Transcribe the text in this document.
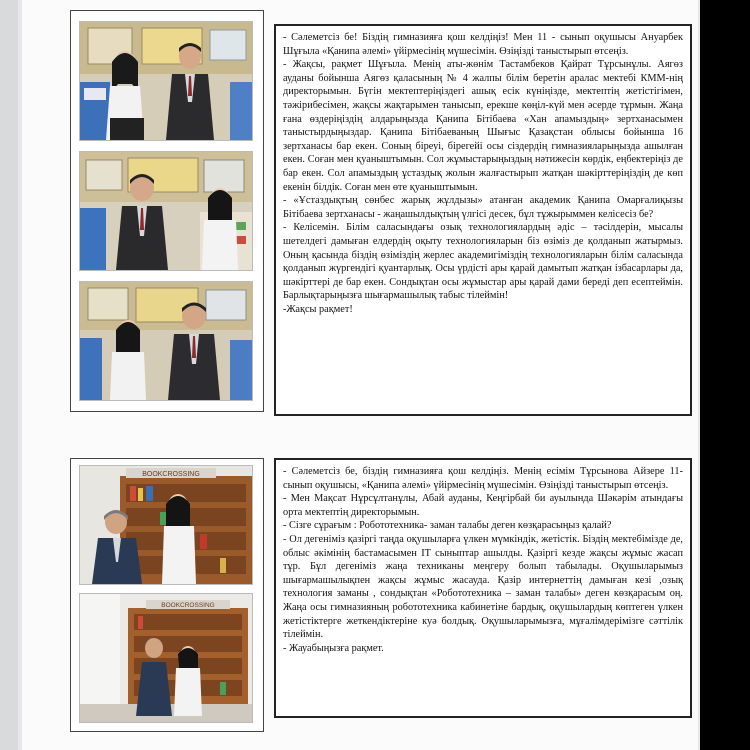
- Сәлеметсіз бе! Біздің гимназияға қош келдіңіз! Мен 11 - сынып оқушысы Ануарбек Шұғыла «Қанипа әлемі» үйірмесінің мүшесімін. Өзіңізді таныстырып өтсеңіз.

- Жақсы, рақмет Шұғыла. Менің аты-жөнім Тастамбеков Қайрат Тұрсынұлы. Аягөз ауданы бойынша Аягөз қаласының № 4 жалпы білім беретін аралас мектебі КММ-нің директорымын. Бүгін мектептеріңіздегі ашық есік күніңізде, мектептің жетістігімен, тәжірибесімен, жақсы жақтарымен танысып, ерекше көңіл-күй мен әсерде тұрмын. Жаңа ғана өздеріңіздің алдарыңызда Қанипа Бітібаева «Хан апамыздың» зертханасымен таныстырдыңыздар. Қанипа Бітібаеваның Шығыс Қазақстан облысы бойынша 16 зертханасы бар екен. Соның біреуі, бірегейі осы сіздердің гимназияларыңызда ашылған екен. Соған мен қуаныштымын. Сол жұмыстарыңыздың нәтижесін көрдік, еңбектеріңіз де бар екен. Сол апамыздың ұстаздық жолын жалғастырып жатқан шәкірттеріңіздің де көп екенін білдік. Соған мен өте қуаныштымын.

- «Ұстаздықтың сөнбес жарық жұлдызы» атанған академик Қанипа Омарғалиқызы Бітібаева зертханасы - жаңашылдықтың үлгісі десек, бұл тұжырыммен келісесіз бе?

- Келісемін. Білім саласындағы озық технологиялардың әдіс – тәсілдерін, мысалы шетелдегі дамыған елдердің оқыту технологияларын біз өзіміз де қолданып жатырмыз. Оның қасында біздің өзіміздің жерлес академигіміздің технологияларын білім саласында қолданып жүргендігі қуантарлық. Осы үрдісті ары қарай дамытып жатқан ізбасарлары да, шәкірттері де бар екен. Сондықтан осы жұмыстар ары қарай дами береді деп есептеймін. Барлықтарыңызға шығармашылық табыс тілеймін!

-Жақсы рақмет!

BOOKCROSSING
BOOKCROSSING

- Сәлеметсіз бе, біздің гимназияға қош келдіңіз. Менің есімім Тұрсынова Айзере 11-сынып оқушысы, «Қанипа әлемі» үйірмесінің мүшесімін. Өзіңізді таныстырып өтсеңіз.

- Мен Мақсат Нұрсұлтанұлы, Абай ауданы, Кеңгірбай би ауылында Шәкәрім атындағы орта мектептің директорымын.

- Сізге сұрағым : Робототехника- заман талабы деген көзқарасыңыз қалай?

- Ол дегеніміз қазіргі таңда оқушыларға үлкен мүмкіндік, жетістік. Біздің мектебімізде де, облыс әкімінің бастамасымен IT сыныптар ашылды. Қазіргі кезде жақсы жұмыс жасап тұр. Бұл дегеніміз жаңа техниканы меңгеру болып табылады. Оқушыларымыз шығармашылықпен жақсы жұмыс жасауда. Қазір интернеттің дамыған кезі ,озық технология заманы , сондықтан «Робототехника – заман талабы» деген көзқарасым оң. Жаңа осы гимназияның робототехника кабинетіне бардық, оқушылардың көптеген үлкен жетістіктерге жеткендіктеріне куә болдық. Оқушыларымызға, мұғалімдерімізге сәттілік тілеймін.

- Жауабыңызға рақмет.
